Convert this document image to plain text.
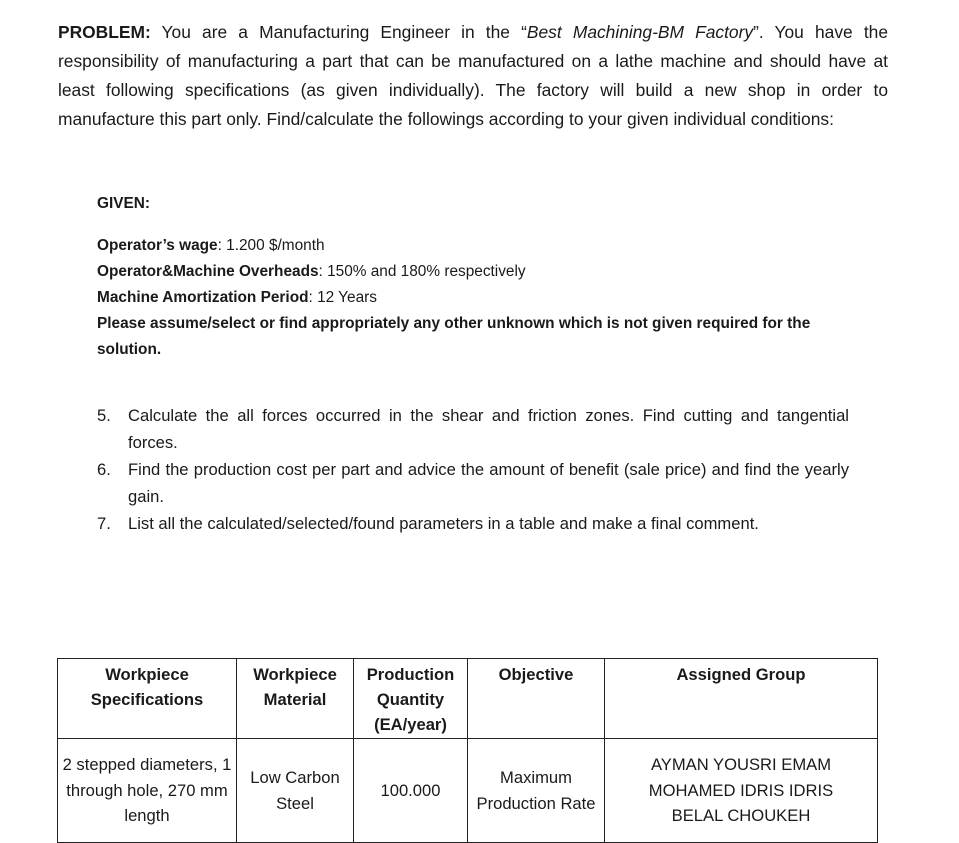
PROBLEM: You are a Manufacturing Engineer in the “Best Machining-BM Factory”. You have the responsibility of manufacturing a part that can be manufactured on a lathe machine and should have at least following specifications (as given individually). The factory will build a new shop in order to manufacture this part only. Find/calculate the followings according to your given individual conditions:
GIVEN:
Operator’s wage: 1.200 $/month
Operator&Machine Overheads: 150% and 180% respectively
Machine Amortization Period: 12 Years
Please assume/select or find appropriately any other unknown which is not given required for the solution.
5.	Calculate the all forces occurred in the shear and friction zones. Find cutting and tangential forces.
6.	Find the production cost per part and advice the amount of benefit (sale price) and find the yearly gain.
7.	List all the calculated/selected/found parameters in a table and make a final comment.
Workpiece Specifications	Workpiece Material	Production Quantity (EA/year)	Objective	Assigned Group
2 stepped diameters, 1 through hole, 270 mm length	Low Carbon Steel	100.000	Maximum Production Rate	AYMAN YOUSRI EMAM
MOHAMED IDRIS IDRIS
BELAL CHOUKEH
